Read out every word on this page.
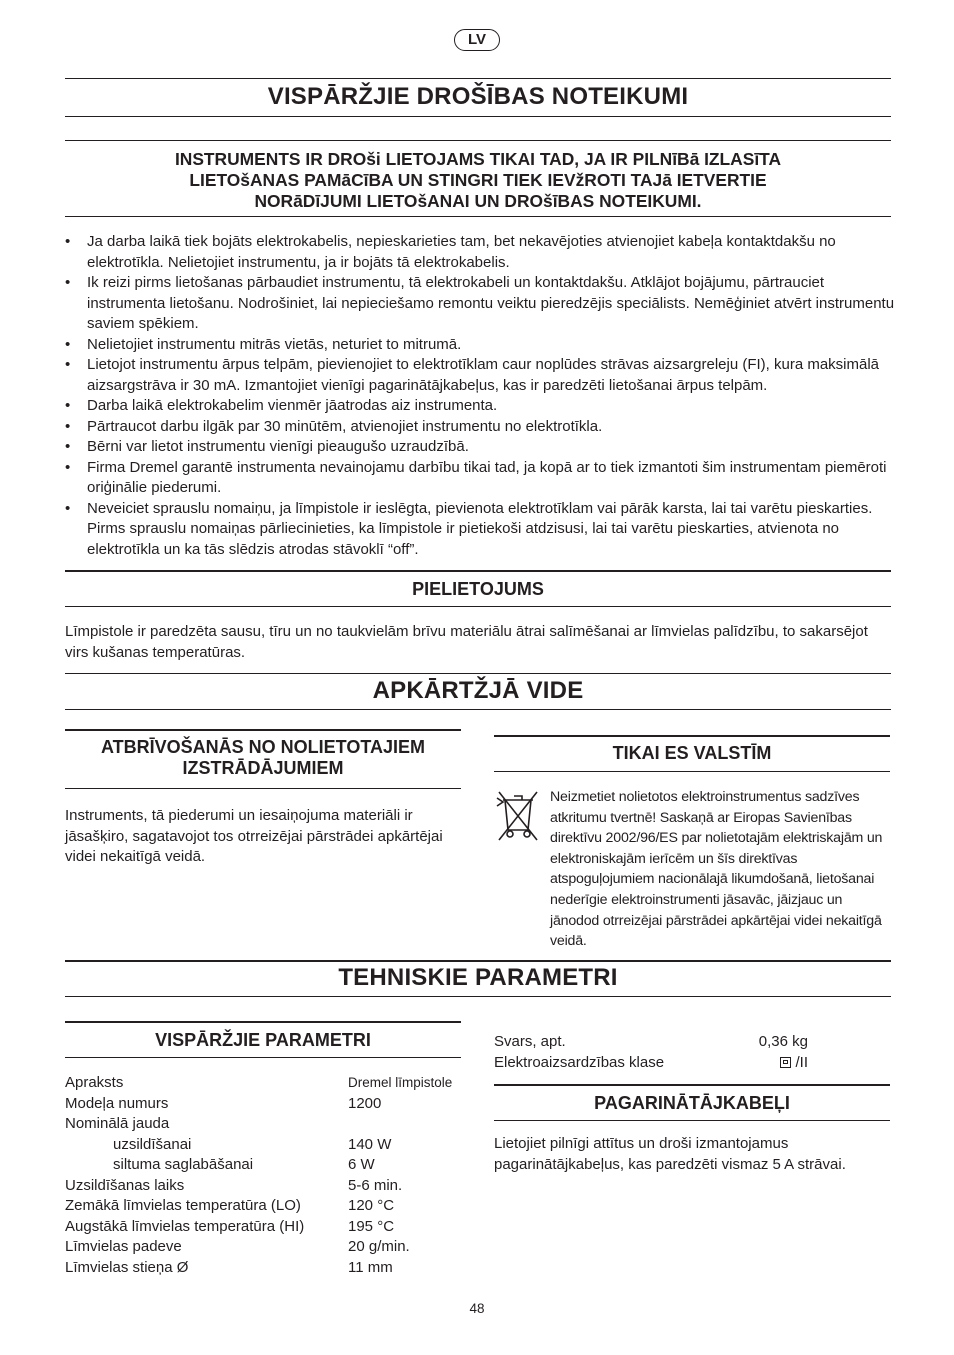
LV
VISPĀRŽJIE DROŠĪBAS NOTEIKUMI
INSTRUMENTS IR DROši LIETOJAMS TIKAI TAD, JA IR PILNīBā IZLASīTA
LIETOšANAS PAMāCīBA UN STINGRI TIEK IEVžROTI TAJā IETVERTIE
NORāDīJUMI LIETOšANAI UN DROšīBAS NOTEIKUMI.
• Ja darba laikā tiek bojāts elektrokabelis, nepieskarieties tam, bet nekavējoties atvienojiet kabeļa kontaktdakšu no elektrotīkla. Nelietojiet instrumentu, ja ir bojāts tā elektrokabelis.
• Ik reizi pirms lietošanas pārbaudiet instrumentu, tā elektrokabeli un kontaktdakšu. Atklājot bojājumu, pārtrauciet instrumenta lietošanu. Nodrošiniet, lai nepieciešamo remontu veiktu pieredzējis speciālists. Nemēģiniet atvērt instrumentu saviem spēkiem.
• Nelietojiet instrumentu mitrās vietās, neturiet to mitrumā.
• Lietojot instrumentu ārpus telpām, pievienojiet to elektrotīklam caur noplūdes strāvas aizsargreleju (FI), kura maksimālā aizsargstrāva ir 30 mA. Izmantojiet vienīgi pagarinātājkabeļus, kas ir paredzēti lietošanai ārpus telpām.
• Darba laikā elektrokabelim vienmēr jāatrodas aiz instrumenta.
• Pārtraucot darbu ilgāk par 30 minūtēm, atvienojiet instrumentu no elektrotīkla.
• Bērni var lietot instrumentu vienīgi pieaugušo uzraudzībā.
• Firma Dremel garantē instrumenta nevainojamu darbību tikai tad, ja kopā ar to tiek izmantoti šim instrumentam piemēroti oriģinālie piederumi.
• Neveiciet sprauslu nomaiņu, ja līmpistole ir ieslēgta, pievienota elektrotīklam vai pārāk karsta, lai tai varētu pieskarties. Pirms sprauslu nomaiņas pārliecinieties, ka līmpistole ir pietiekoši atdzisusi, lai tai varētu pieskarties, atvienota no elektrotīkla un ka tās slēdzis atrodas stāvoklī “off”.
PIELIETOJUMS
Līmpistole ir paredzēta sausu, tīru un no taukvielām brīvu materiālu ātrai salīmēšanai ar līmvielas palīdzību, to sakarsējot virs kušanas temperatūras.
APKĀRTŽJĀ VIDE
ATBRĪVOŠANĀS NO NOLIETOTAJIEM
IZSTRĀDĀJUMIEM
Instruments, tā piederumi un iesaiņojuma materiāli ir jāsašķiro, sagatavojot tos otrreizējai pārstrādei apkārtējai videi nekaitīgā veidā.
TIKAI ES VALSTĪM
Neizmetiet nolietotos elektroinstrumentus sadzīves atkritumu tvertnē! Saskaņā ar Eiropas Savienības direktīvu 2002/96/ES par nolietotajām elektriskajām un elektroniskajām ierīcēm un šīs direktīvas atspoguļojumiem nacionālajā likumdošanā, lietošanai nederīgie elektroinstrumenti jāsavāc, jāizjauc un jānodod otrreizējai pārstrādei apkārtējai videi nekaitīgā veidā.
TEHNISKIE PARAMETRI
VISPĀRŽJIE PARAMETRI
Apraksts	Dremel līmpistole
Modeļa numurs	1200
Nominālā jauda
uzsildīšanai	140 W
siltuma saglabāšanai	6 W
Uzsildīšanas laiks	5-6 min.
Zemākā līmvielas temperatūra (LO)	120 °C
Augstākā līmvielas temperatūra (HI)	195 °C
Līmvielas padeve	20 g/min.
Līmvielas stieņa Ø	11 mm
Svars, apt.	0,36 kg
Elektroaizsardzības klase	/II
PAGARINĀTĀJKABEĻI
Lietojiet pilnīgi attītus un droši izmantojamus pagarinātājkabeļus, kas paredzēti vismaz 5 A strāvai.
48
